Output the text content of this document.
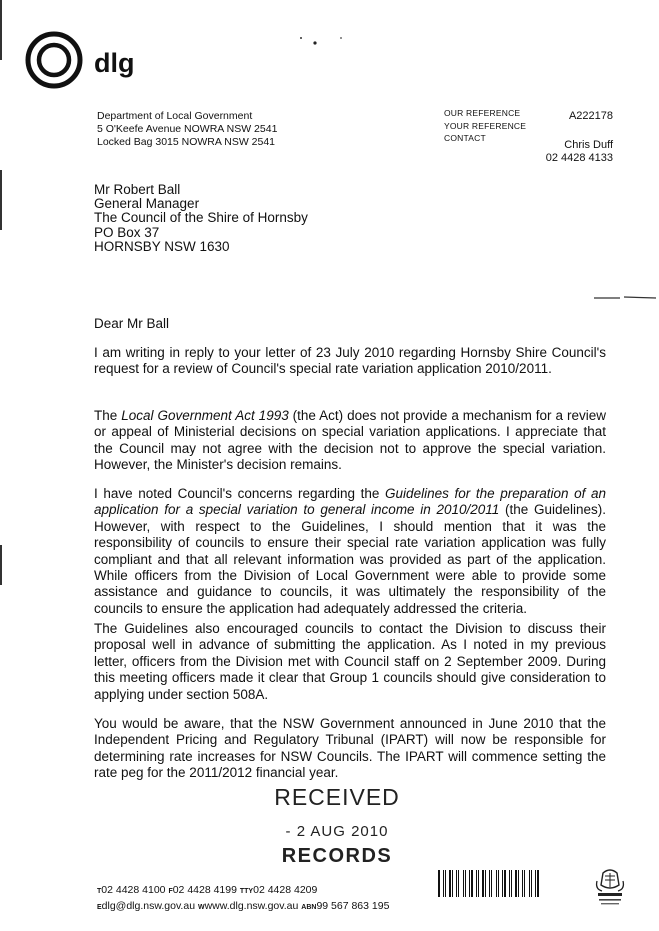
dlg
Department of Local Government
5 O'Keefe Avenue NOWRA NSW 2541
Locked Bag 3015 NOWRA NSW 2541
OUR REFERENCE
YOUR REFERENCE
CONTACT
A222178
Chris Duff
02 4428 4133
Mr Robert Ball
General Manager
The Council of the Shire of Hornsby
PO Box 37
HORNSBY NSW 1630
Dear Mr Ball

I am writing in reply to your letter of 23 July 2010 regarding Hornsby Shire Council's request for a review of Council's special rate variation application 2010/2011.

The Local Government Act 1993 (the Act) does not provide a mechanism for a review or appeal of Ministerial decisions on special variation applications. I appreciate that the Council may not agree with the decision not to approve the special variation. However, the Minister's decision remains.

I have noted Council's concerns regarding the Guidelines for the preparation of an application for a special variation to general income in 2010/2011 (the Guidelines). However, with respect to the Guidelines, I should mention that it was the responsibility of councils to ensure their special rate variation application was fully compliant and that all relevant information was provided as part of the application. While officers from the Division of Local Government were able to provide some assistance and guidance to councils, it was ultimately the responsibility of the councils to ensure the application had adequately addressed the criteria.

The Guidelines also encouraged councils to contact the Division to discuss their proposal well in advance of submitting the application. As I noted in my previous letter, officers from the Division met with Council staff on 2 September 2009. During this meeting officers made it clear that Group 1 councils should give consideration to applying under section 508A.

You would be aware, that the NSW Government announced in June 2010 that the Independent Pricing and Regulatory Tribunal (IPART) will now be responsible for determining rate increases for NSW Councils. The IPART will commence setting the rate peg for the 2011/2012 financial year.

RECEIVED
- 2 AUG 2010
RECORDS
T02 4428 4100 F02 4428 4199 TTY02 4428 4209
Edlg@dlg.nsw.gov.au Wwww.dlg.nsw.gov.au ABN99 567 863 195
